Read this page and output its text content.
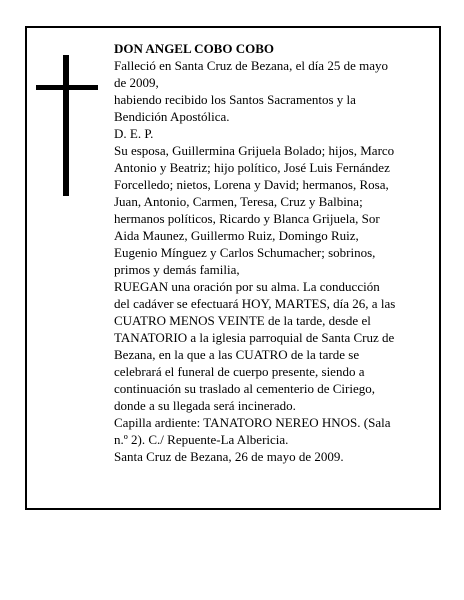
DON ANGEL COBO COBO

Falleció en Santa Cruz de Bezana, el día 25 de mayo de 2009,

habiendo recibido los Santos Sacramentos y la Bendición Apostólica.

D. E. P.

Su esposa, Guillermina Grijuela Bolado; hijos, Marco Antonio y Beatriz; hijo político, José Luis Fernández Forcelledo; nietos, Lorena y David; hermanos, Rosa, Juan, Antonio, Carmen, Teresa, Cruz y Balbina; hermanos políticos, Ricardo y Blanca Grijuela, Sor Aida Maunez, Guillermo Ruiz, Domingo Ruiz, Eugenio Mínguez y Carlos Schumacher; sobrinos, primos y demás familia,

RUEGAN una oración por su alma. La conducción del cadáver se efectuará HOY, MARTES, día 26, a las CUATRO MENOS VEINTE de la tarde, desde el TANATORIO a la iglesia parroquial de Santa Cruz de Bezana, en la que a las CUATRO de la tarde se celebrará el funeral de cuerpo presente, siendo a continuación su traslado al cementerio de Ciriego, donde a su llegada será incinerado.

Capilla ardiente: TANATORO NEREO HNOS. (Sala n.º 2). C./ Repuente-La Albericia.

Santa Cruz de Bezana, 26 de mayo de 2009.
